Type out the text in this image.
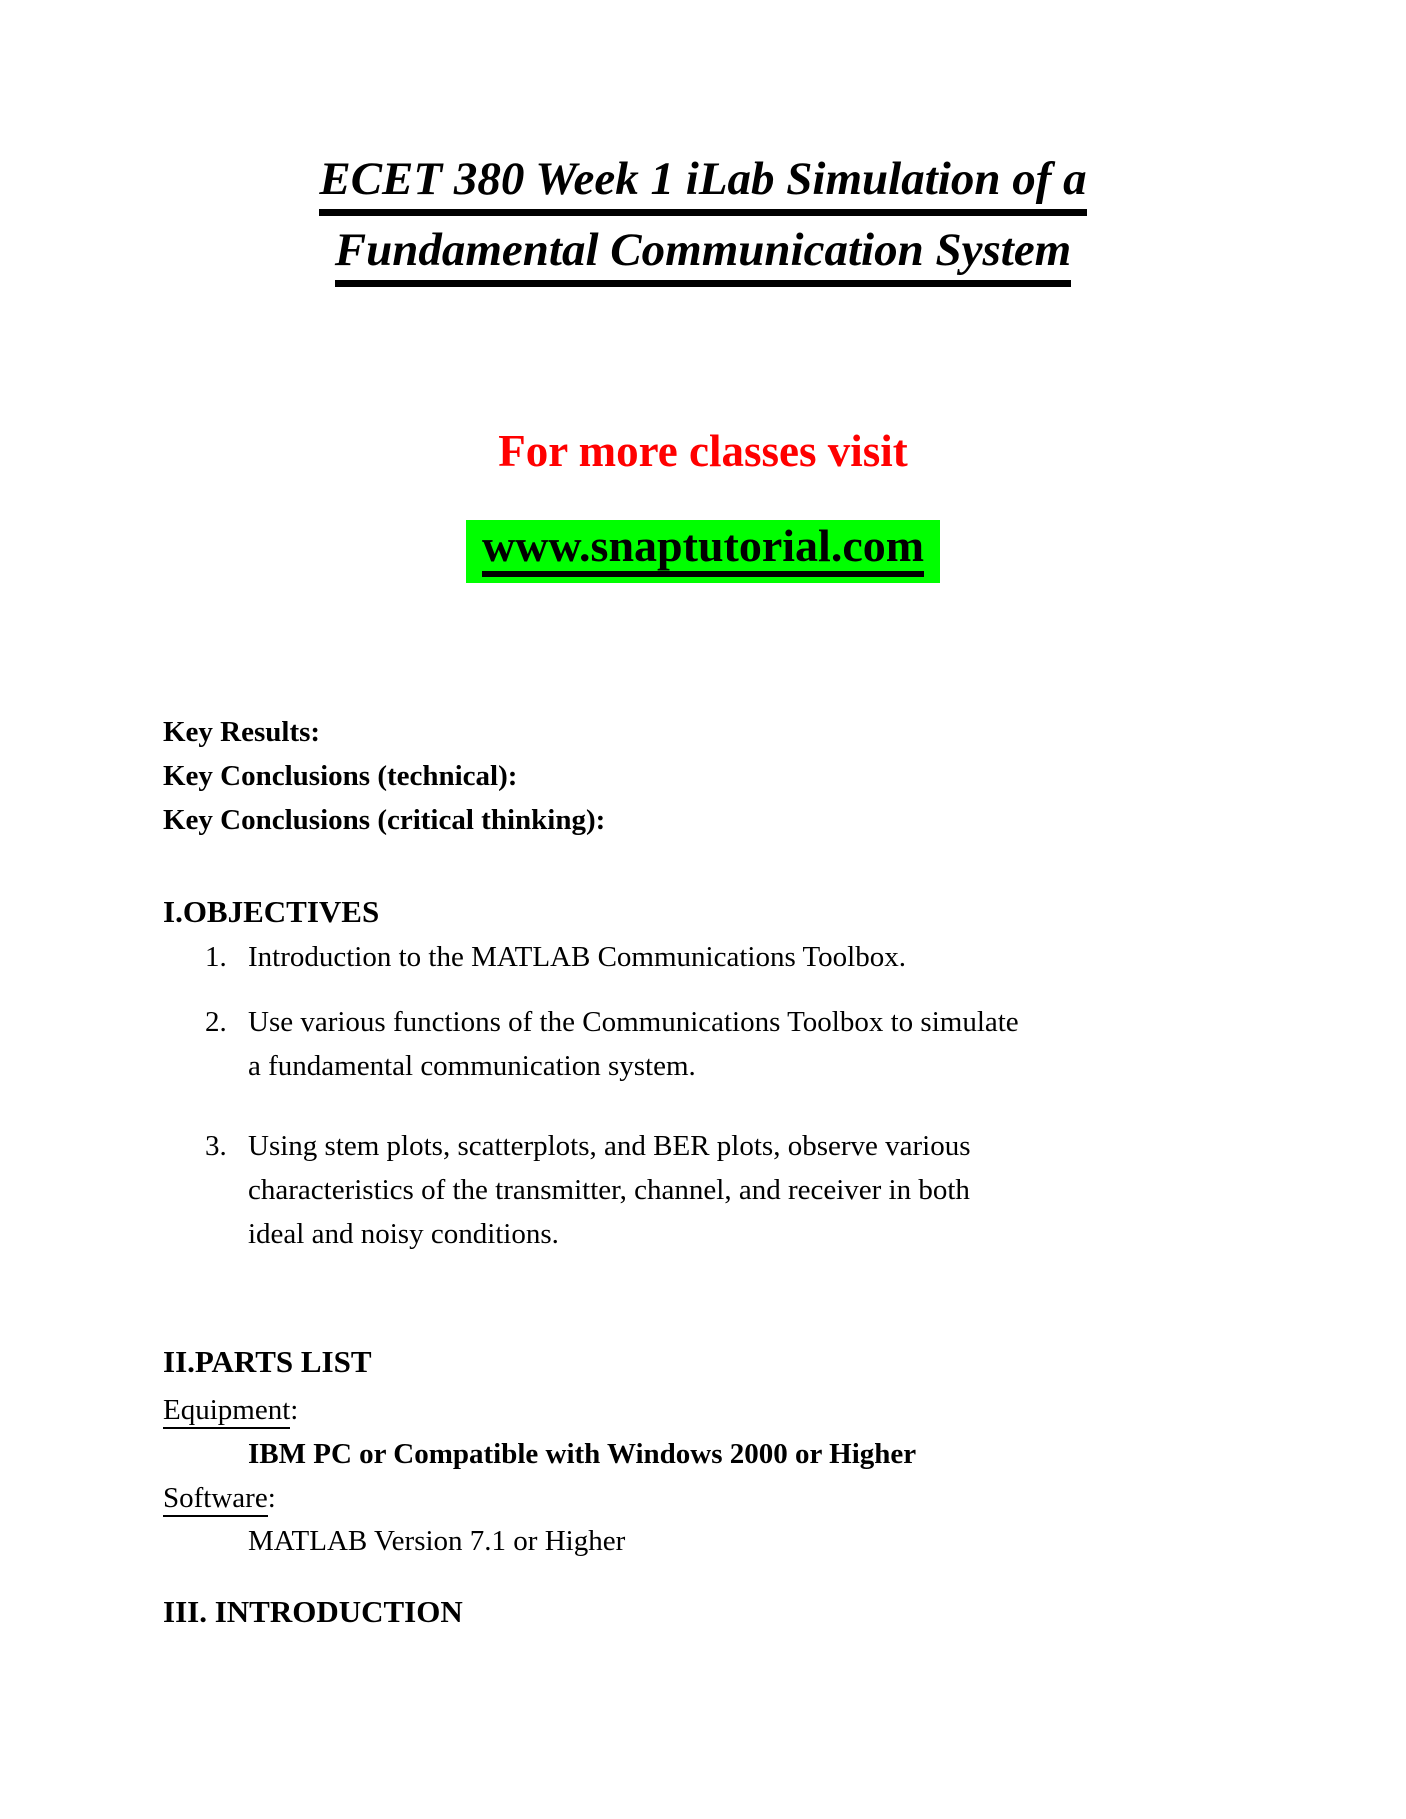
ECET 380 Week 1 iLab Simulation of a
Fundamental Communication System
For more classes visit
www.snaptutorial.com
Key Results:
Key Conclusions (technical):
Key Conclusions (critical thinking):
I.OBJECTIVES
1. Introduction to the MATLAB Communications Toolbox.
2. Use various functions of the Communications Toolbox to simulate
a fundamental communication system.
3. Using stem plots, scatterplots, and BER plots, observe various
characteristics of the transmitter, channel, and receiver in both
ideal and noisy conditions.
II.PARTS LIST
Equipment:
IBM PC or Compatible with Windows 2000 or Higher
Software:
MATLAB Version 7.1 or Higher
III. INTRODUCTION
